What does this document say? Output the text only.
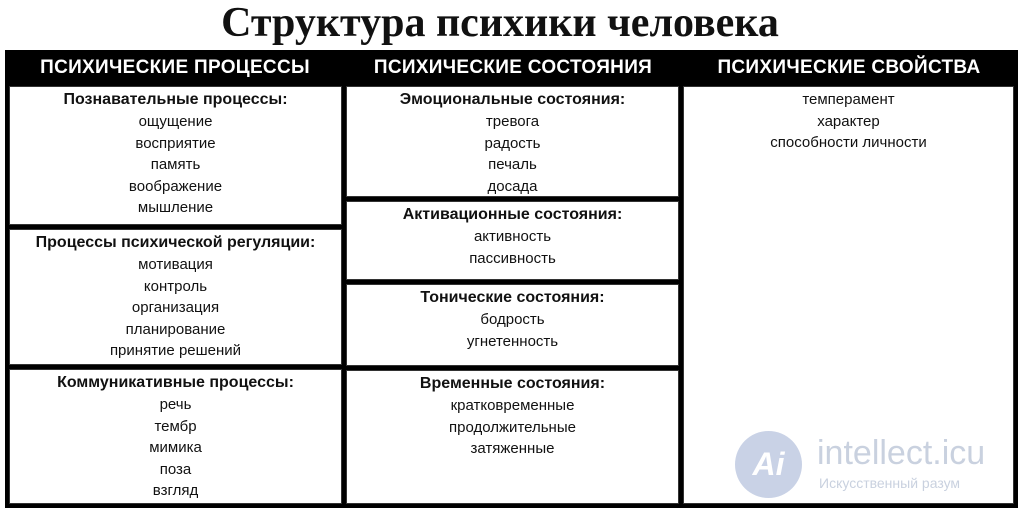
Структура психики человека
ПСИХИЧЕСКИЕ ПРОЦЕССЫ	ПСИХИЧЕСКИЕ СОСТОЯНИЯ	ПСИХИЧЕСКИЕ СВОЙСТВА
Познавательные процессы:
ощущение
восприятие
память
воображение
мышление
Процессы психической регуляции:
мотивация
контроль
организация
планирование
принятие решений
Коммуникативные процессы:
речь
тембр
мимика
поза
взгляд
Эмоциональные состояния:
тревога
радость
печаль
досада
Активационные состояния:
активность
пассивность
Тонические состояния:
бодрость
угнетенность
Временные состояния:
кратковременные
продолжительные
затяженные
темперамент
характер
способности личности
Ai intellect.icu
Искусственный разум
